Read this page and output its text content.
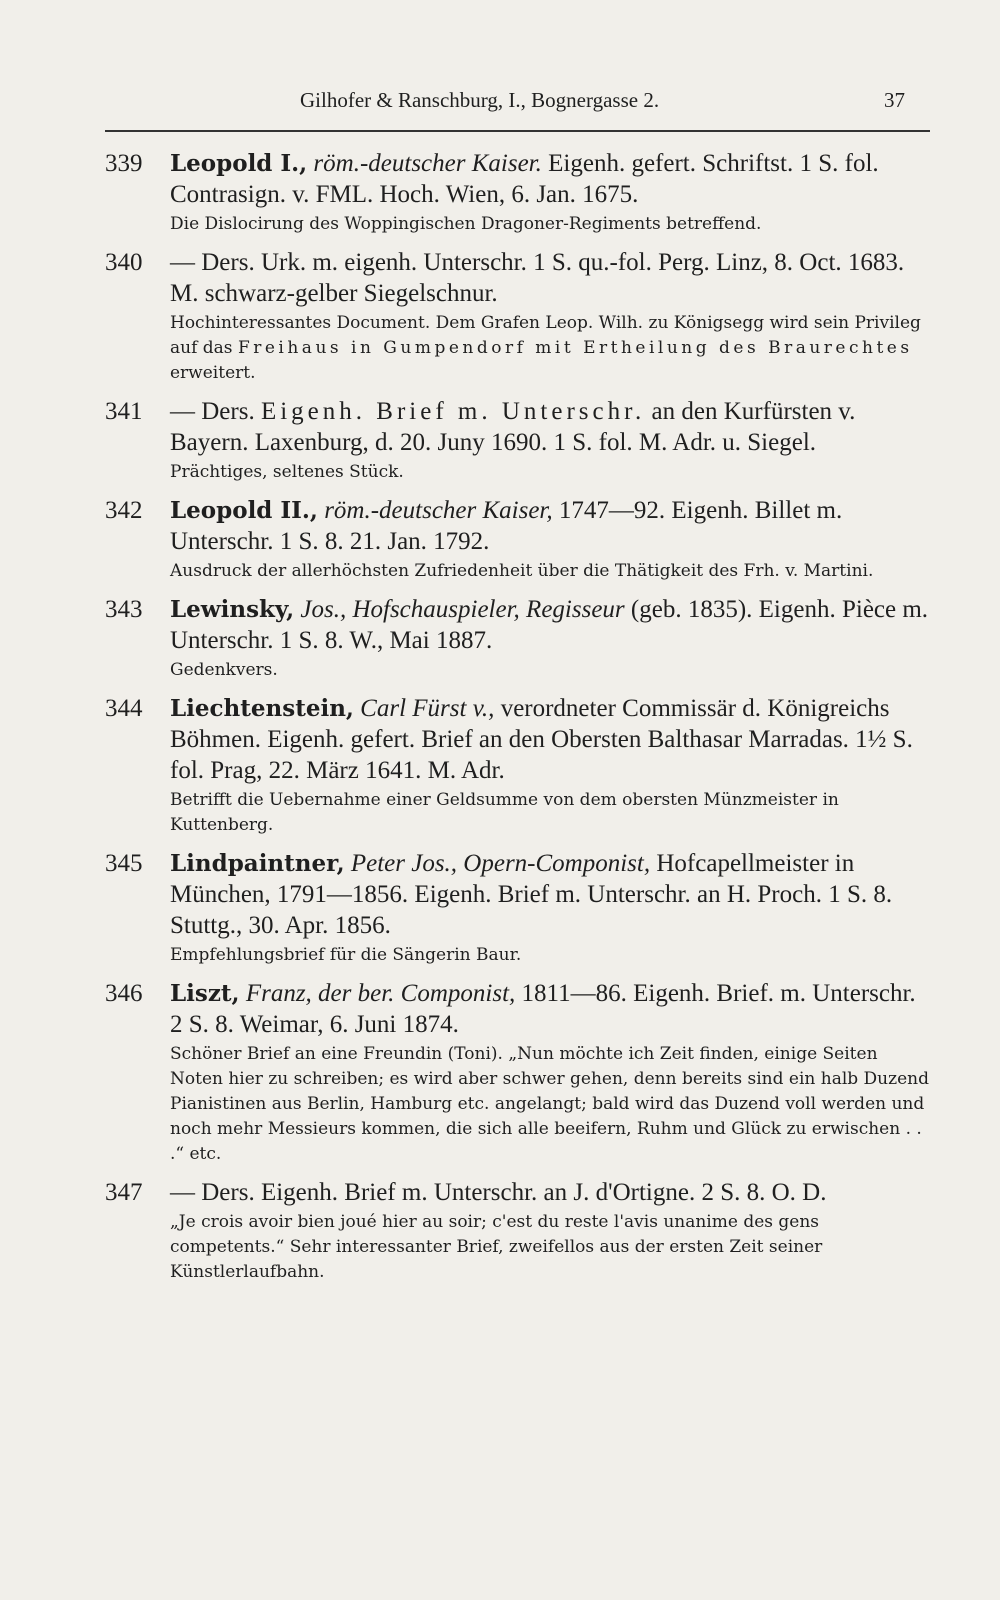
Gilhofer & Ranschburg, I., Bognergasse 2.	37
339	Leopold I., röm.-deutscher Kaiser. Eigenh. gefert. Schriftst. 1 S. fol. Contrasign. v. FML. Hoch. Wien, 6. Jan. 1675.
Die Dislocirung des Woppingischen Dragoner-Regiments betreffend.
340	— Ders. Urk. m. eigenh. Unterschr. 1 S. qu.-fol. Perg. Linz, 8. Oct. 1683. M. schwarz-gelber Siegelschnur.
Hochinteressantes Document. Dem Grafen Leop. Wilh. zu Königsegg wird sein Privileg auf das Freihaus in Gumpendorf mit Ertheilung des Braurechtes erweitert.
341	— Ders. Eigenh. Brief m. Unterschr. an den Kurfürsten v. Bayern. Laxenburg, d. 20. Juny 1690. 1 S. fol. M. Adr. u. Siegel.
Prächtiges, seltenes Stück.
342	Leopold II., röm.-deutscher Kaiser, 1747—92. Eigenh. Billet m. Unterschr. 1 S. 8. 21. Jan. 1792.
Ausdruck der allerhöchsten Zufriedenheit über die Thätigkeit des Frh. v. Martini.
343	Lewinsky, Jos., Hofschauspieler, Regisseur (geb. 1835). Eigenh. Pièce m. Unterschr. 1 S. 8. W., Mai 1887.
Gedenkvers.
344	Liechtenstein, Carl Fürst v., verordneter Commissär d. Königreichs Böhmen. Eigenh. gefert. Brief an den Obersten Balthasar Marradas. 1½ S. fol. Prag, 22. März 1641. M. Adr.
Betrifft die Uebernahme einer Geldsumme von dem obersten Münzmeister in Kuttenberg.
345	Lindpaintner, Peter Jos., Opern-Componist, Hofcapellmeister in München, 1791—1856. Eigenh. Brief m. Unterschr. an H. Proch. 1 S. 8. Stuttg., 30. Apr. 1856.
Empfehlungsbrief für die Sängerin Baur.
346	Liszt, Franz, der ber. Componist, 1811—86. Eigenh. Brief. m. Unterschr. 2 S. 8. Weimar, 6. Juni 1874.
Schöner Brief an eine Freundin (Toni). „Nun möchte ich Zeit finden, einige Seiten Noten hier zu schreiben; es wird aber schwer gehen, denn bereits sind ein halb Duzend Pianistinen aus Berlin, Hamburg etc. angelangt; bald wird das Duzend voll werden und noch mehr Messieurs kommen, die sich alle beeifern, Ruhm und Glück zu erwischen . . .“ etc.
347	— Ders. Eigenh. Brief m. Unterschr. an J. d'Ortigne. 2 S. 8. O. D.
„Je crois avoir bien joué hier au soir; c'est du reste l'avis unanime des gens competents.“ Sehr interessanter Brief, zweifellos aus der ersten Zeit seiner Künstlerlaufbahn.
